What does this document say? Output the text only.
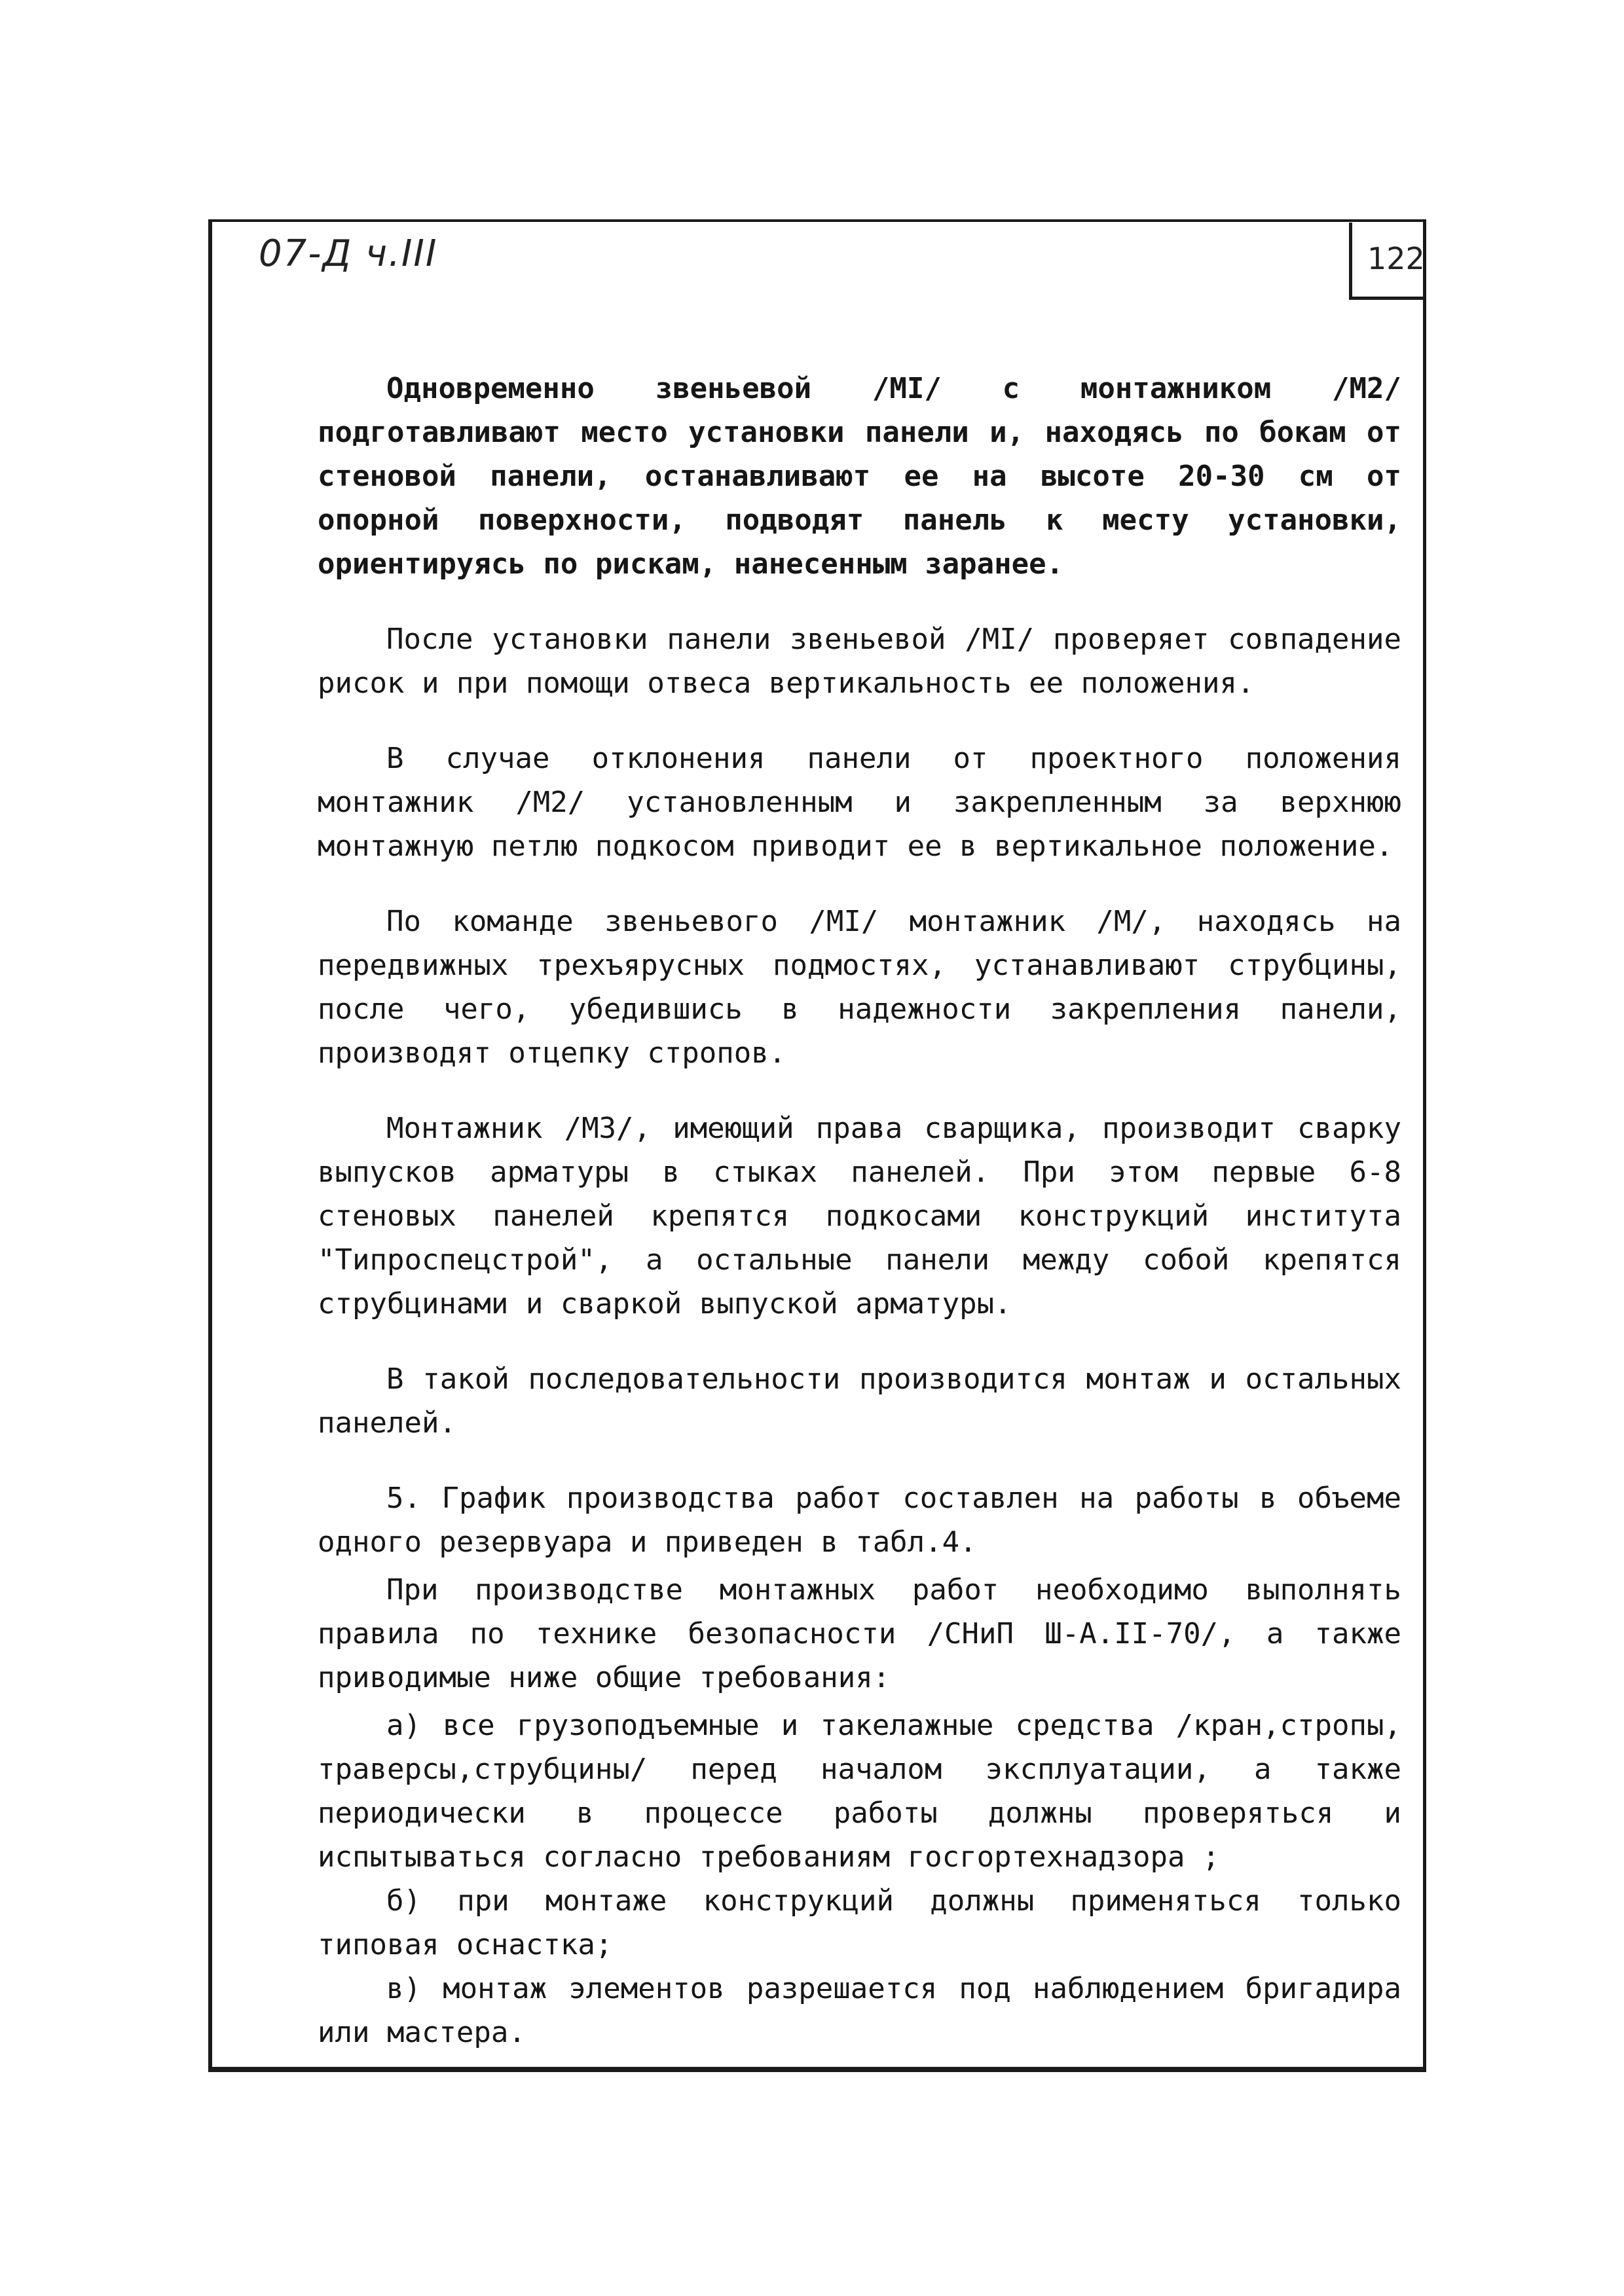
07-Д ч.III	122

Одновременно звеньевой /МI/ с монтажником /М2/ подготавливают место установки панели и, находясь по бокам от стеновой панели, останавливают ее на высоте 20-30 см от опорной поверхности, подводят панель к месту установки, ориентируясь по рискам, нанесенным заранее.

После установки панели звеньевой /МI/ проверяет совпадение рисок и при помощи отвеса вертикальность ее положения.

В случае отклонения панели от проектного положения монтажник /М2/ установленным и закрепленным за верхнюю монтажную петлю подкосом приводит ее в вертикальное положение.

По команде звеньевого /МI/ монтажник /М/, находясь на передвижных трехъярусных подмостях, устанавливают струбцины, после чего, убедившись в надежности закрепления панели, производят отцепку стропов.

Монтажник /М3/, имеющий права сварщика, производит сварку выпусков арматуры в стыках панелей. При этом первые 6-8 стеновых панелей крепятся подкосами конструкций института "Типроспецстрой", а остальные панели между собой крепятся струбцинами и сваркой выпуской арматуры.

В такой последовательности производится монтаж и остальных панелей.

5. График производства работ составлен на работы в объеме одного резервуара и приведен в табл.4.

При производстве монтажных работ необходимо выполнять правила по технике безопасности /СНиП Ш-А.II-70/, а также приводимые ниже общие требования:

а) все грузоподъемные и такелажные средства /кран,стропы, траверсы,струбцины/ перед началом эксплуатации, а также периодически в процессе работы должны проверяться и испытываться согласно требованиям госгортехнадзора ;

б) при монтаже конструкций должны применяться только типовая оснастка;

в) монтаж элементов разрешается под наблюдением бригадира или мастера.
